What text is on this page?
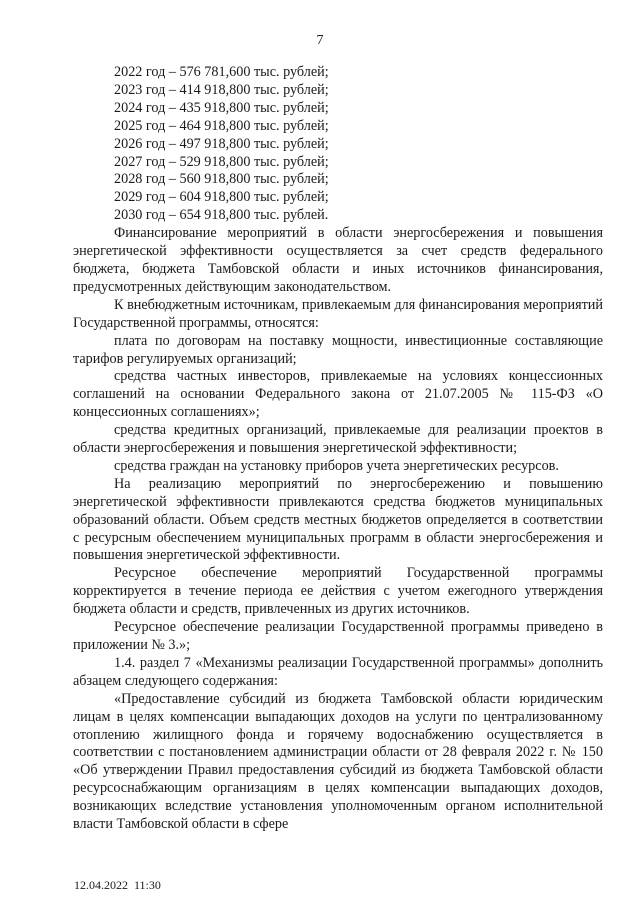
7
2022 год – 576 781,600 тыс. рублей;
2023 год – 414 918,800 тыс. рублей;
2024 год – 435 918,800 тыс. рублей;
2025 год – 464 918,800 тыс. рублей;
2026 год – 497 918,800 тыс. рублей;
2027 год – 529 918,800 тыс. рублей;
2028 год – 560 918,800 тыс. рублей;
2029 год – 604 918,800 тыс. рублей;
2030 год – 654 918,800 тыс. рублей.

Финансирование мероприятий в области энергосбережения и повышения энергетической эффективности осуществляется за счет средств федерального бюджета, бюджета Тамбовской области и иных источников финансирования, предусмотренных действующим законодательством.

К внебюджетным источникам, привлекаемым для финансирования мероприятий Государственной программы, относятся:

плата по договорам на поставку мощности, инвестиционные составляющие тарифов регулируемых организаций;

средства частных инвесторов, привлекаемые на условиях концессионных соглашений на основании Федерального закона от 21.07.2005 № 115-ФЗ «О концессионных соглашениях»;

средства кредитных организаций, привлекаемые для реализации проектов в области энергосбережения и повышения энергетической эффективности;

средства граждан на установку приборов учета энергетических ресурсов.

На реализацию мероприятий по энергосбережению и повышению энергетической эффективности привлекаются средства бюджетов муниципальных образований области. Объем средств местных бюджетов определяется в соответствии с ресурсным обеспечением муниципальных программ в области энергосбережения и повышения энергетической эффективности.

Ресурсное обеспечение мероприятий Государственной программы корректируется в течение периода ее действия с учетом ежегодного утверждения бюджета области и средств, привлеченных из других источников.

Ресурсное обеспечение реализации Государственной программы приведено в приложении № 3.»;

1.4. раздел 7 «Механизмы реализации Государственной программы» дополнить абзацем следующего содержания:

«Предоставление субсидий из бюджета Тамбовской области юридическим лицам в целях компенсации выпадающих доходов на услуги по централизованному отоплению жилищного фонда и горячему водоснабжению осуществляется в соответствии с постановлением администрации области от 28 февраля 2022 г. № 150 «Об утверждении Правил предоставления субсидий из бюджета Тамбовской области ресурсоснабжающим организациям в целях компенсации выпадающих доходов, возникающих вследствие установления уполномоченным органом исполнительной власти Тамбовской области в сфере

12.04.2022  11:30
